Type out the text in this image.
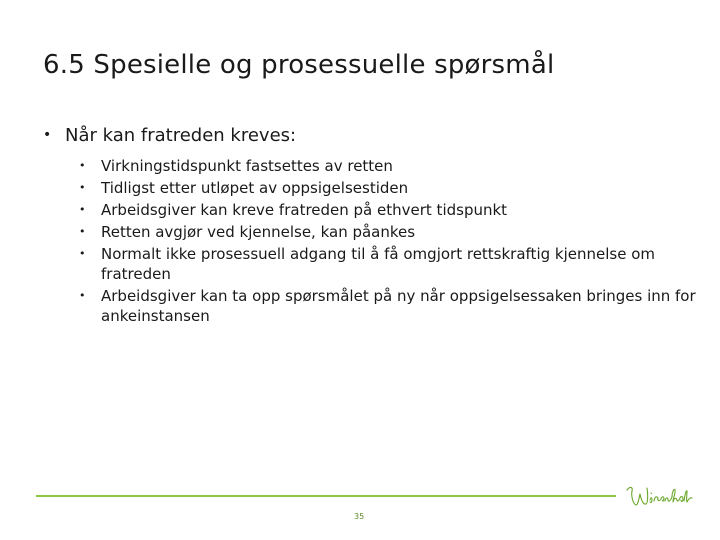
6.5 Spesielle og prosessuelle spørsmål
• Når kan fratreden kreves:
• Virkningstidspunkt fastsettes av retten
• Tidligst etter utløpet av oppsigelsestiden
• Arbeidsgiver kan kreve fratreden på ethvert tidspunkt
• Retten avgjør ved kjennelse, kan påankes
• Normalt ikke prosessuell adgang til å få omgjort rettskraftig kjennelse om fratreden
• Arbeidsgiver kan ta opp spørsmålet på ny når oppsigelsessaken bringes inn for ankeinstansen
35
